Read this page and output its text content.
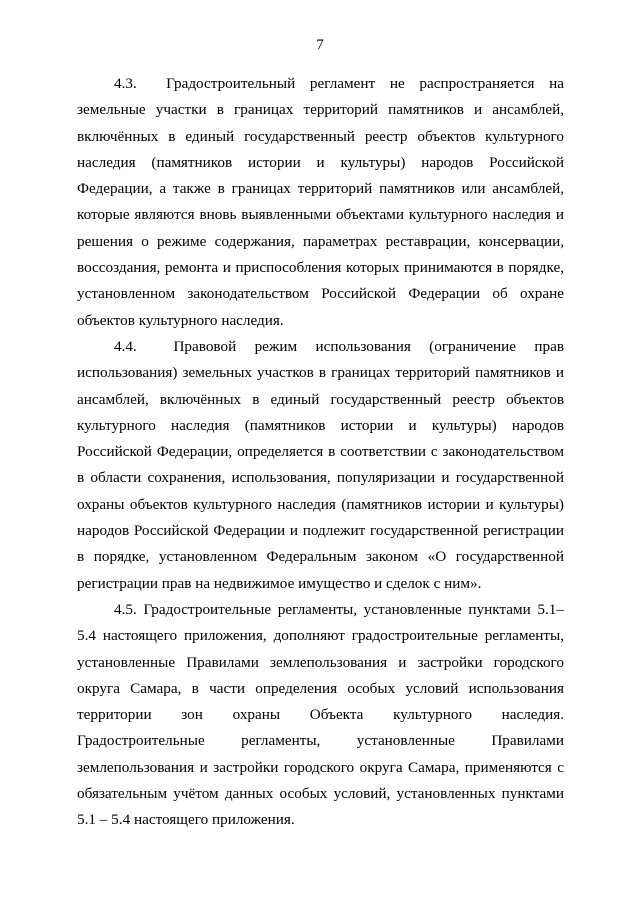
7

4.3. Градостроительный регламент не распространяется на земельные участки в границах территорий памятников и ансамблей, включённых в единый государственный реестр объектов культурного наследия (памятников истории и культуры) народов Российской Федерации, а также в границах территорий памятников или ансамблей, которые являются вновь выявленными объектами культурного наследия и решения о режиме содержания, параметрах реставрации, консервации, воссоздания, ремонта и приспособления которых принимаются в порядке, установленном законодательством Российской Федерации об охране объектов культурного наследия.

4.4. Правовой режим использования (ограничение прав использования) земельных участков в границах территорий памятников и ансамблей, включённых в единый государственный реестр объектов культурного наследия (памятников истории и культуры) народов Российской Федерации, определяется в соответствии с законодательством в области сохранения, использования, популяризации и государственной охраны объектов культурного наследия (памятников истории и культуры) народов Российской Федерации и подлежит государственной регистрации в порядке, установленном Федеральным законом «О государственной регистрации прав на недвижимое имущество и сделок с ним».

4.5. Градостроительные регламенты, установленные пунктами 5.1–5.4 настоящего приложения, дополняют градостроительные регламенты, установленные Правилами землепользования и застройки городского округа Самара, в части определения особых условий использования территории зон охраны Объекта культурного наследия. Градостроительные регламенты, установленные Правилами землепользования и застройки городского округа Самара, применяются с обязательным учётом данных особых условий, установленных пунктами 5.1 – 5.4 настоящего приложения.
